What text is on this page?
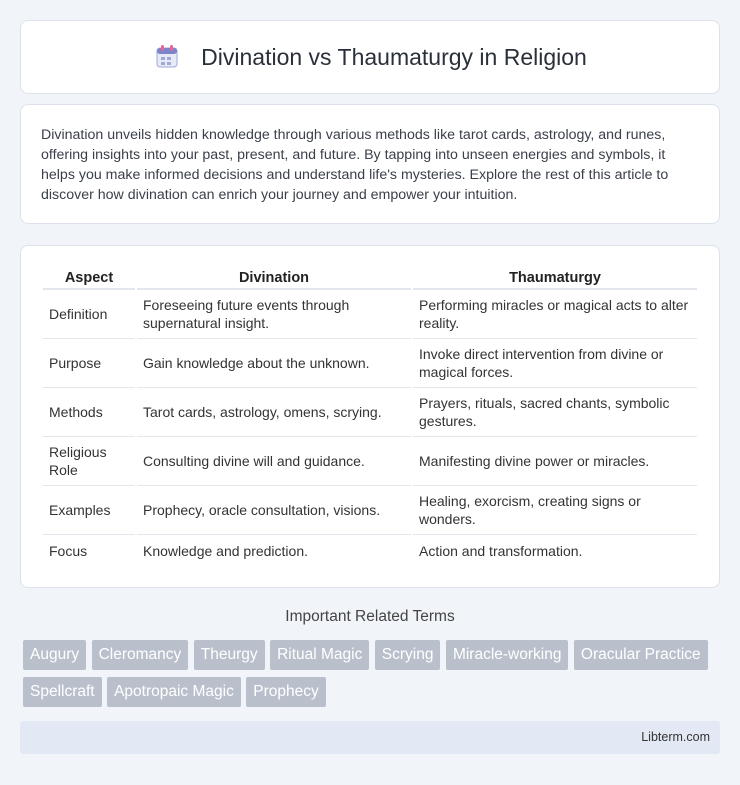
Divination vs Thaumaturgy in Religion

Divination unveils hidden knowledge through various methods like tarot cards, astrology, and runes, offering insights into your past, present, and future. By tapping into unseen energies and symbols, it helps you make informed decisions and understand life's mysteries. Explore the rest of this article to discover how divination can enrich your journey and empower your intuition.

Aspect	Divination	Thaumaturgy
Definition	Foreseeing future events through supernatural insight.	Performing miracles or magical acts to alter reality.
Purpose	Gain knowledge about the unknown.	Invoke direct intervention from divine or magical forces.
Methods	Tarot cards, astrology, omens, scrying.	Prayers, rituals, sacred chants, symbolic gestures.
Religious Role	Consulting divine will and guidance.	Manifesting divine power or miracles.
Examples	Prophecy, oracle consultation, visions.	Healing, exorcism, creating signs or wonders.
Focus	Knowledge and prediction.	Action and transformation.
Important Related Terms
Augury Cleromancy Theurgy Ritual Magic Scrying Miracle-working Oracular Practice Spellcraft Apotropaic Magic Prophecy
Libterm.com
